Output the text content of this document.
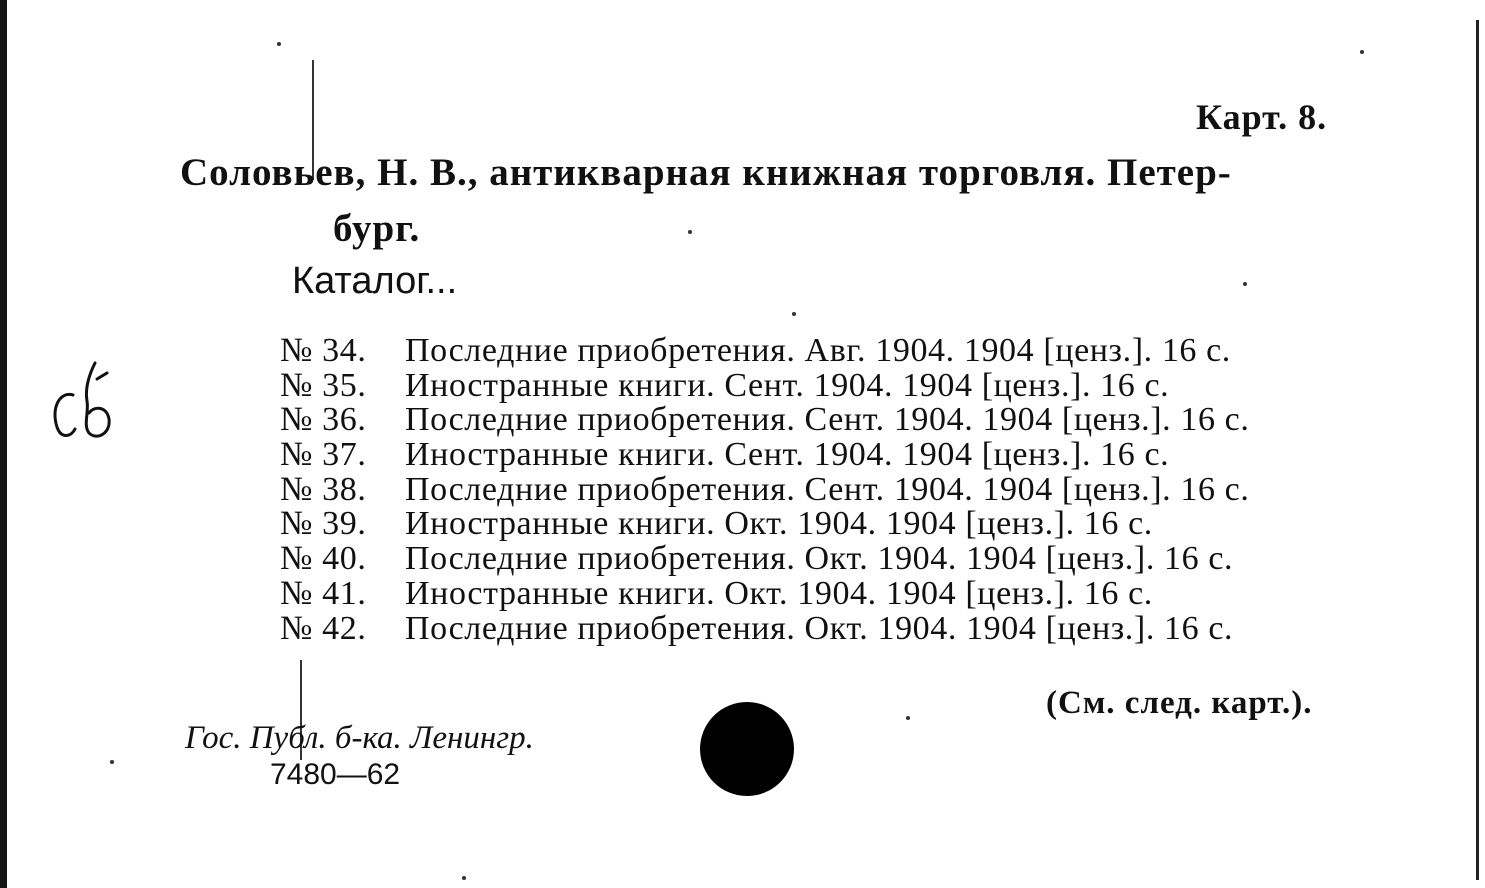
Карт. 8.
Соловьев, Н. В., антикварная книжная торговля. Петер-
бург.
Каталог...
№ 34. Последние приобретения. Авг. 1904. 1904 [ценз.]. 16 с.
№ 35. Иностранные книги. Сент. 1904. 1904 [ценз.]. 16 с.
№ 36. Последние приобретения. Сент. 1904. 1904 [ценз.]. 16 с.
№ 37. Иностранные книги. Сент. 1904. 1904 [ценз.]. 16 с.
№ 38. Последние приобретения. Сент. 1904. 1904 [ценз.]. 16 с.
№ 39. Иностранные книги. Окт. 1904. 1904 [ценз.]. 16 с.
№ 40. Последние приобретения. Окт. 1904. 1904 [ценз.]. 16 с.
№ 41. Иностранные книги. Окт. 1904. 1904 [ценз.]. 16 с.
№ 42. Последние приобретения. Окт. 1904. 1904 [ценз.]. 16 с.
(См. след. карт.).
Гос. Публ. б-ка. Ленингр.
7480—62
